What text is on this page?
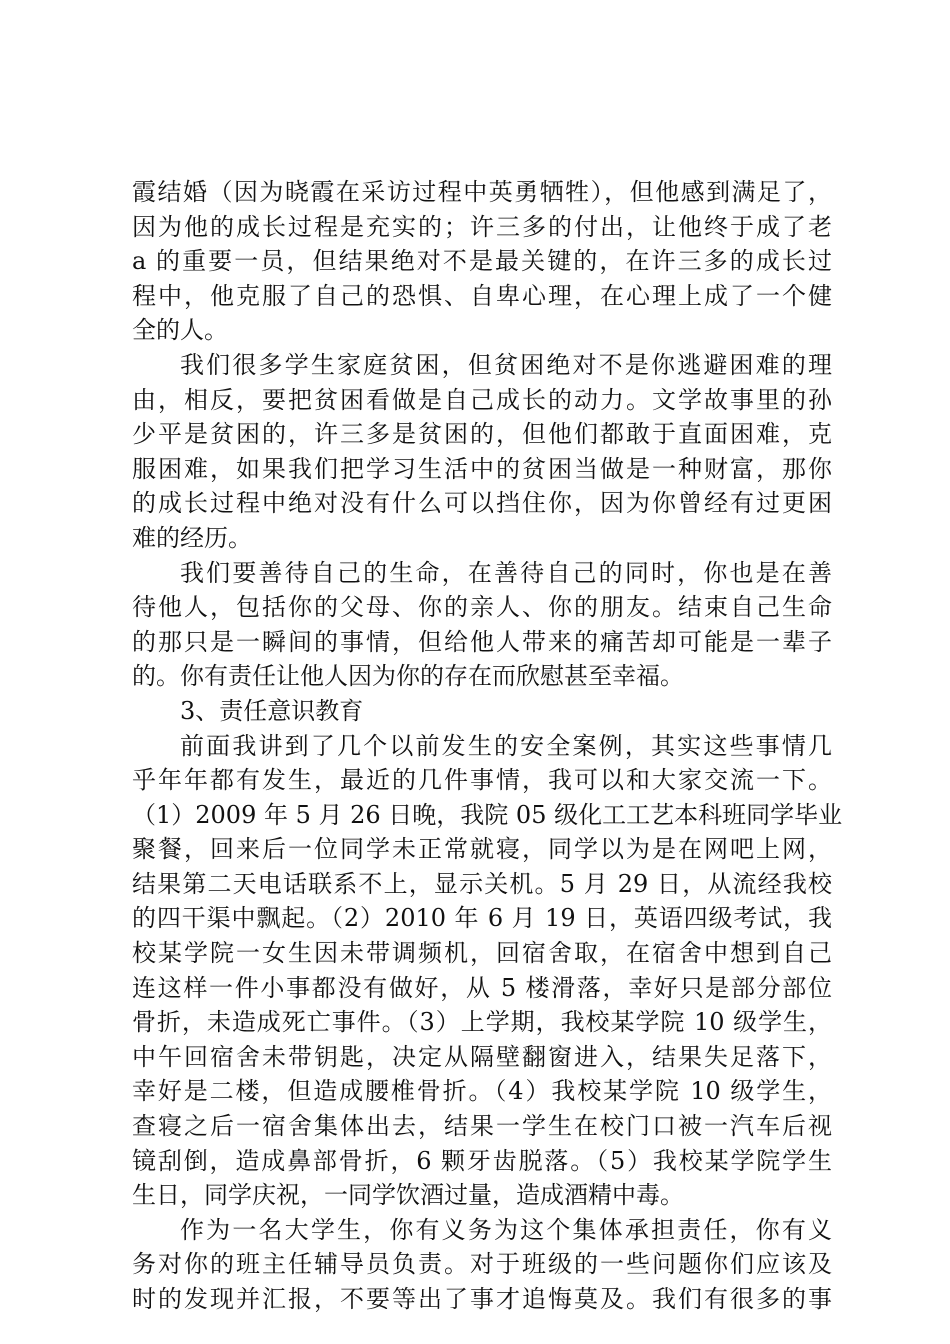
霞结婚（因为晓霞在采访过程中英勇牺牲），但他感到满足了，
因为他的成长过程是充实的；许三多的付出，让他终于成了老
a 的重要一员，但结果绝对不是最关键的，在许三多的成长过
程中，他克服了自己的恐惧、自卑心理，在心理上成了一个健
全的人。
我们很多学生家庭贫困，但贫困绝对不是你逃避困难的理
由，相反，要把贫困看做是自己成长的动力。文学故事里的孙
少平是贫困的，许三多是贫困的，但他们都敢于直面困难，克
服困难，如果我们把学习生活中的贫困当做是一种财富，那你
的成长过程中绝对没有什么可以挡住你，因为你曾经有过更困
难的经历。
我们要善待自己的生命，在善待自己的同时，你也是在善
待他人，包括你的父母、你的亲人、你的朋友。结束自己生命
的那只是一瞬间的事情，但给他人带来的痛苦却可能是一辈子
的。你有责任让他人因为你的存在而欣慰甚至幸福。
3、责任意识教育
前面我讲到了几个以前发生的安全案例，其实这些事情几
乎年年都有发生，最近的几件事情，我可以和大家交流一下。
（1）2009 年 5 月 26 日晚，我院 05 级化工工艺本科班同学毕业
聚餐，回来后一位同学未正常就寝，同学以为是在网吧上网，
结果第二天电话联系不上，显示关机。5 月 29 日，从流经我校
的四干渠中飘起。（2）2010 年 6 月 19 日，英语四级考试，我
校某学院一女生因未带调频机，回宿舍取，在宿舍中想到自己
连这样一件小事都没有做好，从 5 楼滑落，幸好只是部分部位
骨折，未造成死亡事件。（3）上学期，我校某学院 10 级学生，
中午回宿舍未带钥匙，决定从隔壁翻窗进入，结果失足落下，
幸好是二楼，但造成腰椎骨折。（4）我校某学院 10 级学生，
查寝之后一宿舍集体出去，结果一学生在校门口被一汽车后视
镜刮倒，造成鼻部骨折，6 颗牙齿脱落。（5）我校某学院学生
生日，同学庆祝，一同学饮酒过量，造成酒精中毒。
作为一名大学生，你有义务为这个集体承担责任，你有义
务对你的班主任辅导员负责。对于班级的一些问题你们应该及
时的发现并汇报，不要等出了事才追悔莫及。我们有很多的事
